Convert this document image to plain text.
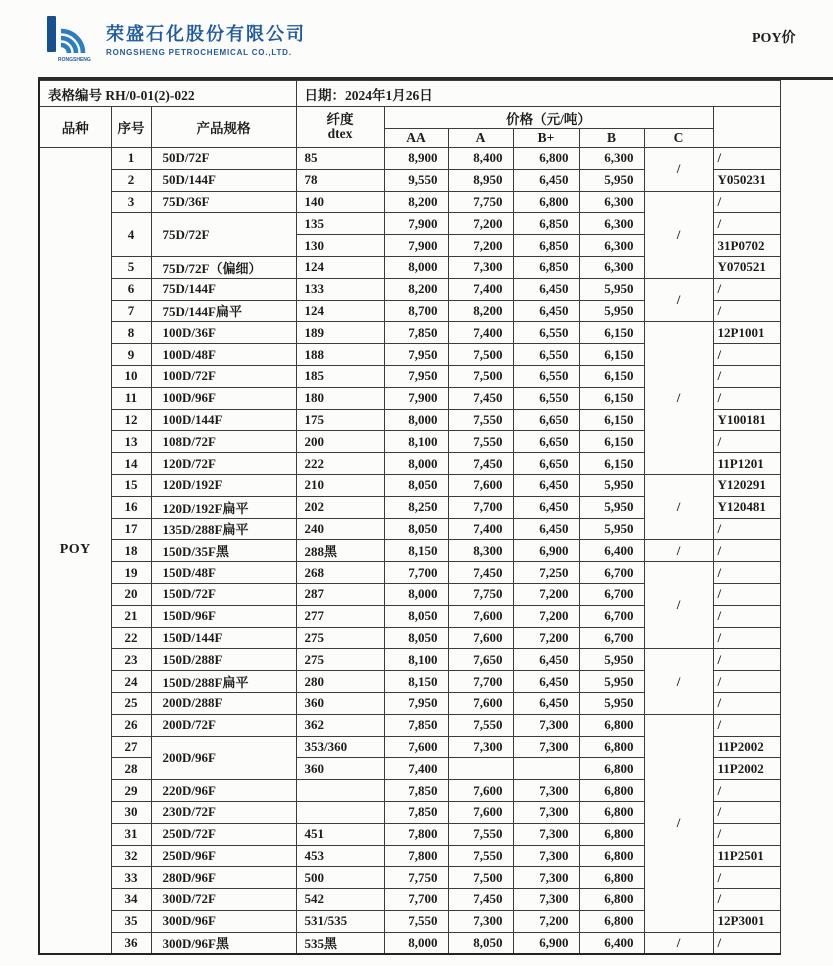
RONGSHENG
荣盛石化股份有限公司
RONGSHENG PETROCHEMICAL CO.,LTD.
POY价
表格编号 RH/0-01(2)-022			日期：2024年1月26日						
品种	序号	产品规格	纤度
dtex	价格（元/吨）					
				AA	A	B+	B	C	
POY	1	50D/72F	85	8,900	8,400	6,800	6,300	/	/
	2	50D/144F	78	9,550	8,950	6,450	5,950		Y050231
	3	75D/36F	140	8,200	7,750	6,800	6,300	/	/
	4	75D/72F	135	7,900	7,200	6,850	6,300		/
			130	7,900	7,200	6,850	6,300		31P0702
	5	75D/72F（偏细）	124	8,000	7,300	6,850	6,300		Y070521
	6	75D/144F	133	8,200	7,400	6,450	5,950	/	/
	7	75D/144F扁平	124	8,700	8,200	6,450	5,950		/
	8	100D/36F	189	7,850	7,400	6,550	6,150	/	12P1001
	9	100D/48F	188	7,950	7,500	6,550	6,150		/
	10	100D/72F	185	7,950	7,500	6,550	6,150		/
	11	100D/96F	180	7,900	7,450	6,550	6,150		/
	12	100D/144F	175	8,000	7,550	6,650	6,150		Y100181
	13	108D/72F	200	8,100	7,550	6,650	6,150		/
	14	120D/72F	222	8,000	7,450	6,650	6,150		11P1201
	15	120D/192F	210	8,050	7,600	6,450	5,950	/	Y120291
	16	120D/192F扁平	202	8,250	7,700	6,450	5,950		Y120481
	17	135D/288F扁平	240	8,050	7,400	6,450	5,950		/
	18	150D/35F黑	288黑	8,150	8,300	6,900	6,400	/	/
	19	150D/48F	268	7,700	7,450	7,250	6,700	/	/
	20	150D/72F	287	8,000	7,750	7,200	6,700		/
	21	150D/96F	277	8,050	7,600	7,200	6,700		/
	22	150D/144F	275	8,050	7,600	7,200	6,700		/
	23	150D/288F	275	8,100	7,650	6,450	5,950	/	/
	24	150D/288F扁平	280	8,150	7,700	6,450	5,950		/
	25	200D/288F	360	7,950	7,600	6,450	5,950		/
	26	200D/72F	362	7,850	7,550	7,300	6,800	/	/
	27	200D/96F	353/360	7,600	7,300	7,300	6,800		11P2002
	28		360	7,400			6,800		11P2002
	29	220D/96F		7,850	7,600	7,300	6,800		/
	30	230D/72F		7,850	7,600	7,300	6,800		/
	31	250D/72F	451	7,800	7,550	7,300	6,800		/
	32	250D/96F	453	7,800	7,550	7,300	6,800		11P2501
	33	280D/96F	500	7,750	7,500	7,300	6,800		/
	34	300D/72F	542	7,700	7,450	7,300	6,800		/
	35	300D/96F	531/535	7,550	7,300	7,200	6,800		12P3001
	36	300D/96F黑	535黑	8,000	8,050	6,900	6,400	/	/
